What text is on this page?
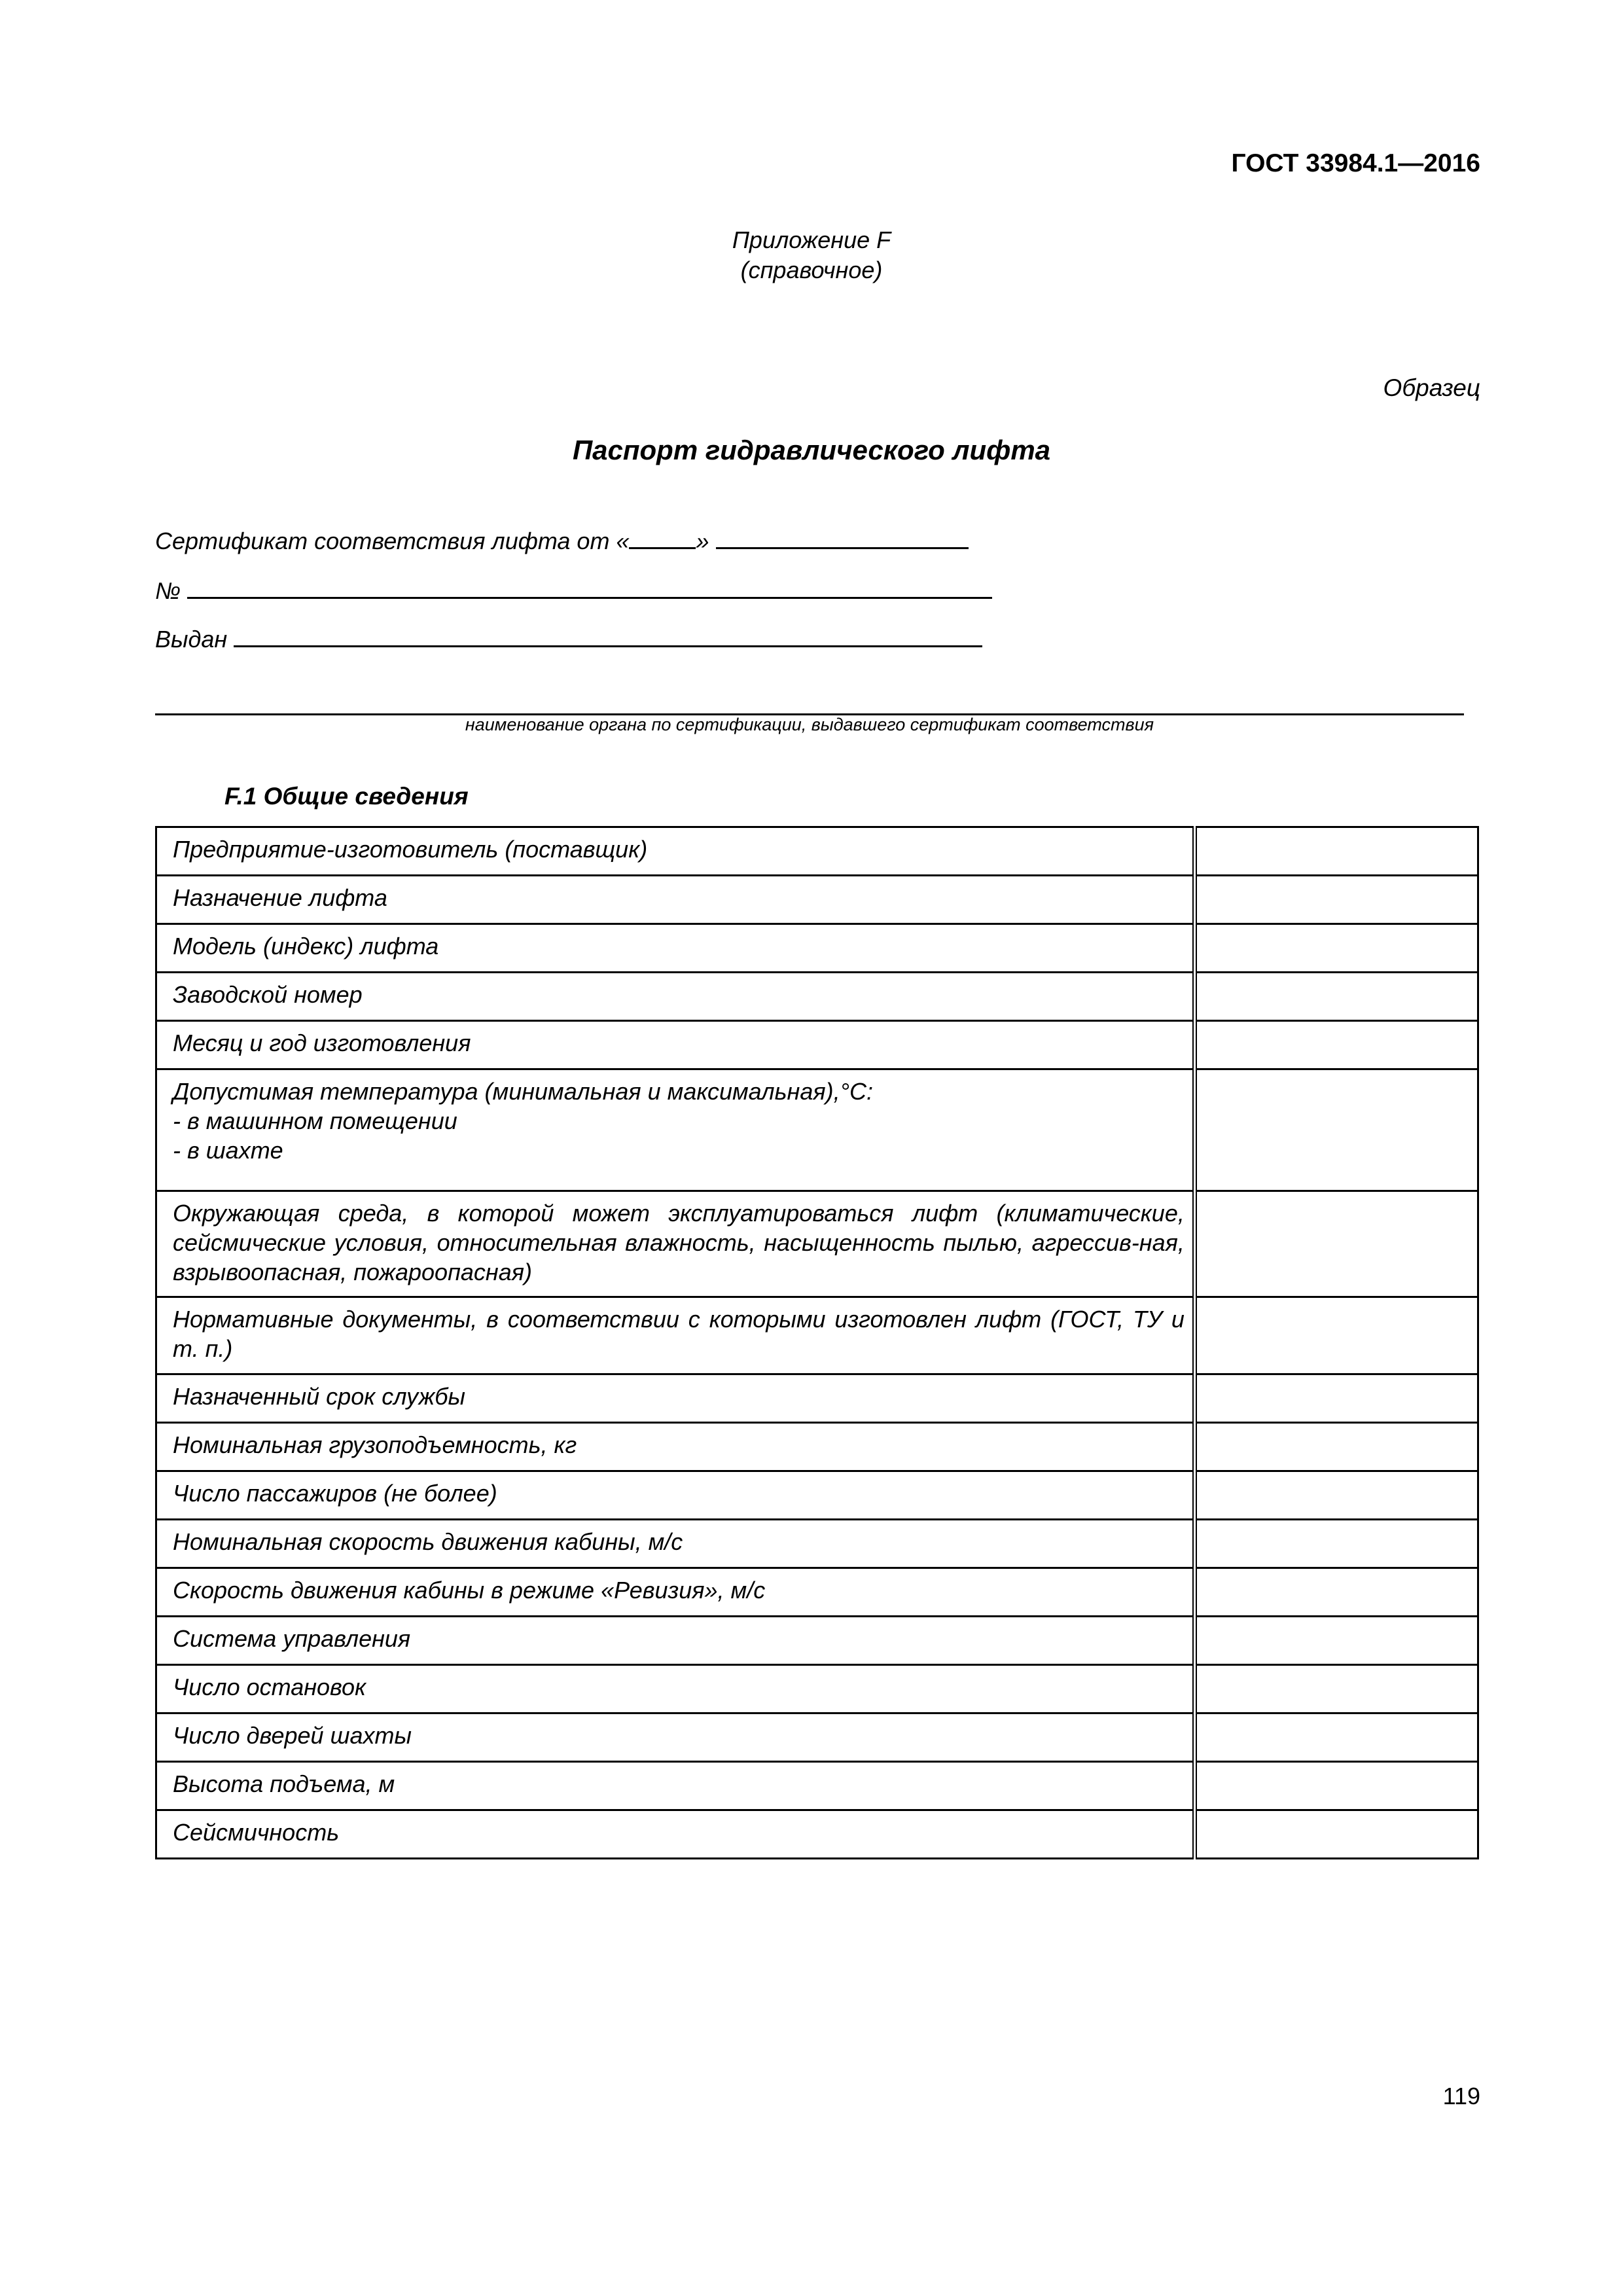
ГОСТ 33984.1—2016
Приложение F
(справочное)
Образец
Паспорт гидравлического лифта
Сертификат соответствия лифта от «	»
№
Выдан
наименование органа по сертификации, выдавшего сертификат соответствия
F.1 Общие сведения
Предприятие-изготовитель (поставщик)	
Назначение лифта	
Модель (индекс) лифта	
Заводской номер	
Месяц и год изготовления	
Допустимая температура (минимальная и максимальная),°С:
- в машинном помещении
- в шахте	

Окружающая среда, в которой может эксплуатироваться лифт (климатические, сейсмические условия, относительная влажность, насыщенность пылью, агрессив-ная, взрывоопасная, пожароопасная)	
Нормативные документы, в соответствии с которыми изготовлен лифт (ГОСТ, ТУ и т. п.)	
Назначенный срок службы	
Номинальная грузоподъемность, кг	
Число пассажиров (не более)	
Номинальная скорость движения кабины, м/с	
Скорость движения кабины в режиме «Ревизия», м/с	
Система управления	
Число остановок	
Число дверей шахты	
Высота подъема, м	
Сейсмичность	
119
